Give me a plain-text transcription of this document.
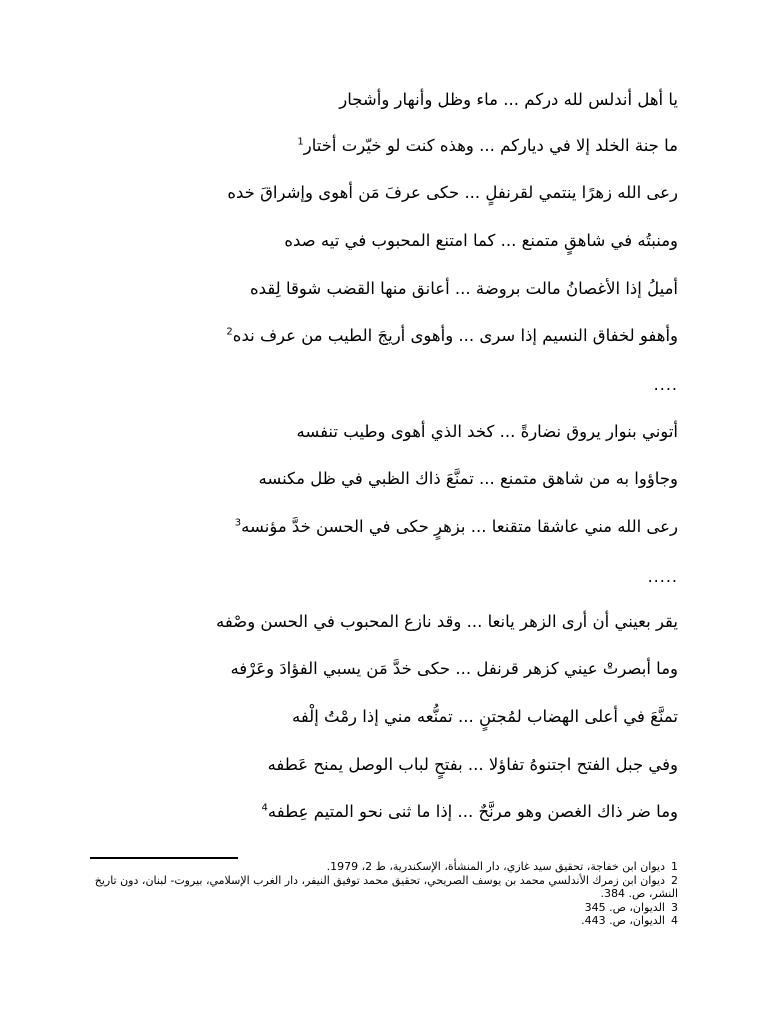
يا أهل أندلس لله دركم ... ماء وظل وأنهار وأشجار
ما جنة الخلد إلا في دياركم ... وهذه كنت لو خيّرت أختار$^1$
رعى الله زهرًا ينتمي لقرنفلٍ ... حكى عرفَ مَن أهوى وإشراقَ خده
ومنبتُه في شاهقٍ متمنع ... كما امتنع المحبوب في تيه صده
أميلُ إذا الأغصانُ مالت بروضة ... أعانق منها القضب شوقا لِقده
وأهفو لخفاق النسيم إذا سرى ... وأهوى أريجَ الطيب من عرف نده$^2$
....
أتوني بنوار يروق نضارةً ... كخد الذي أهوى وطيب تنفسه
وجاؤوا به من شاهق متمنع ... تمنَّعَ ذاك الظبي في ظل مكنسه
رعى الله مني عاشقا متقنعا ... بزهرٍ حكى في الحسن خدَّ مؤنسه$^3$
.....
يقر بعيني أن أرى الزهر يانعا ... وقد نازع المحبوب في الحسن وصْفه
وما أبصرتْ عيني كزهر قرنفل ... حكى خدَّ مَن يسبي الفؤادَ وعَرْفه
تمنَّعَ في أعلى الهضاب لمُجتنٍ ... تمنُّعه مني إذا رمْتُ إلْفه
وفي جبل الفتح اجتنوهُ تفاؤلا ... بفتحٍ لباب الوصل يمنح عَطفه
وما ضر ذاك الغصن وهو مرنَّحٌ ... إذا ما ثنى نحو المتيم عِطفه$^4$
1ديوان ابن خفاجة، تحقيق سيد غازي، دار المنشأة، الإسكندرية، ط 2، 1979.
2ديوان ابن زمرك الأندلسي محمد بن يوسف الصريحي، تحقيق محمد توفيق النيفر، دار الغرب الإسلامي، بيروت- لبنان، دون تاريخ النشر، ص. 384.
3الديوان، ص. 345
4الديوان، ص. 443.
